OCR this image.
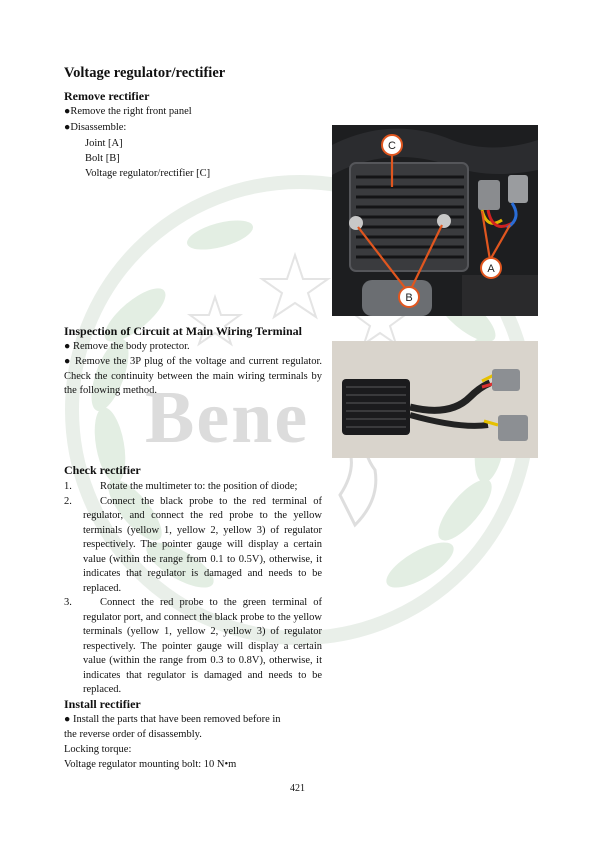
Bene
Voltage regulator/rectifier
Remove rectifier
●Remove the right front panel
●Disassemble:
Joint [A]
Bolt [B]
Voltage regulator/rectifier [C]
C
B
A
Inspection of Circuit at Main Wiring Terminal
● Remove the body protector.
● Remove the 3P plug of the voltage and current regulator. Check the continuity between the main wiring terminals by the following method.
Check rectifier
1.	Rotate the multimeter to: the position of diode;
2.	Connect the black probe to the red terminal of regulator, and connect the red probe to the yellow terminals (yellow 1, yellow 2, yellow 3) of regulator respectively. The pointer gauge will display a certain value (within the range from 0.1 to 0.5V), otherwise, it indicates that regulator is damaged and needs to be replaced.
3.	Connect the red probe to the green terminal of regulator port, and connect the black probe to the yellow terminals (yellow 1, yellow 2, yellow 3) of regulator respectively. The pointer gauge will display a certain value (within the range from 0.3 to 0.8V), otherwise, it indicates that regulator is damaged and needs to be replaced.
Install rectifier
● Install the parts that have been removed before in
the reverse order of disassembly.
Locking torque:
Voltage regulator mounting bolt: 10 N•m
421
